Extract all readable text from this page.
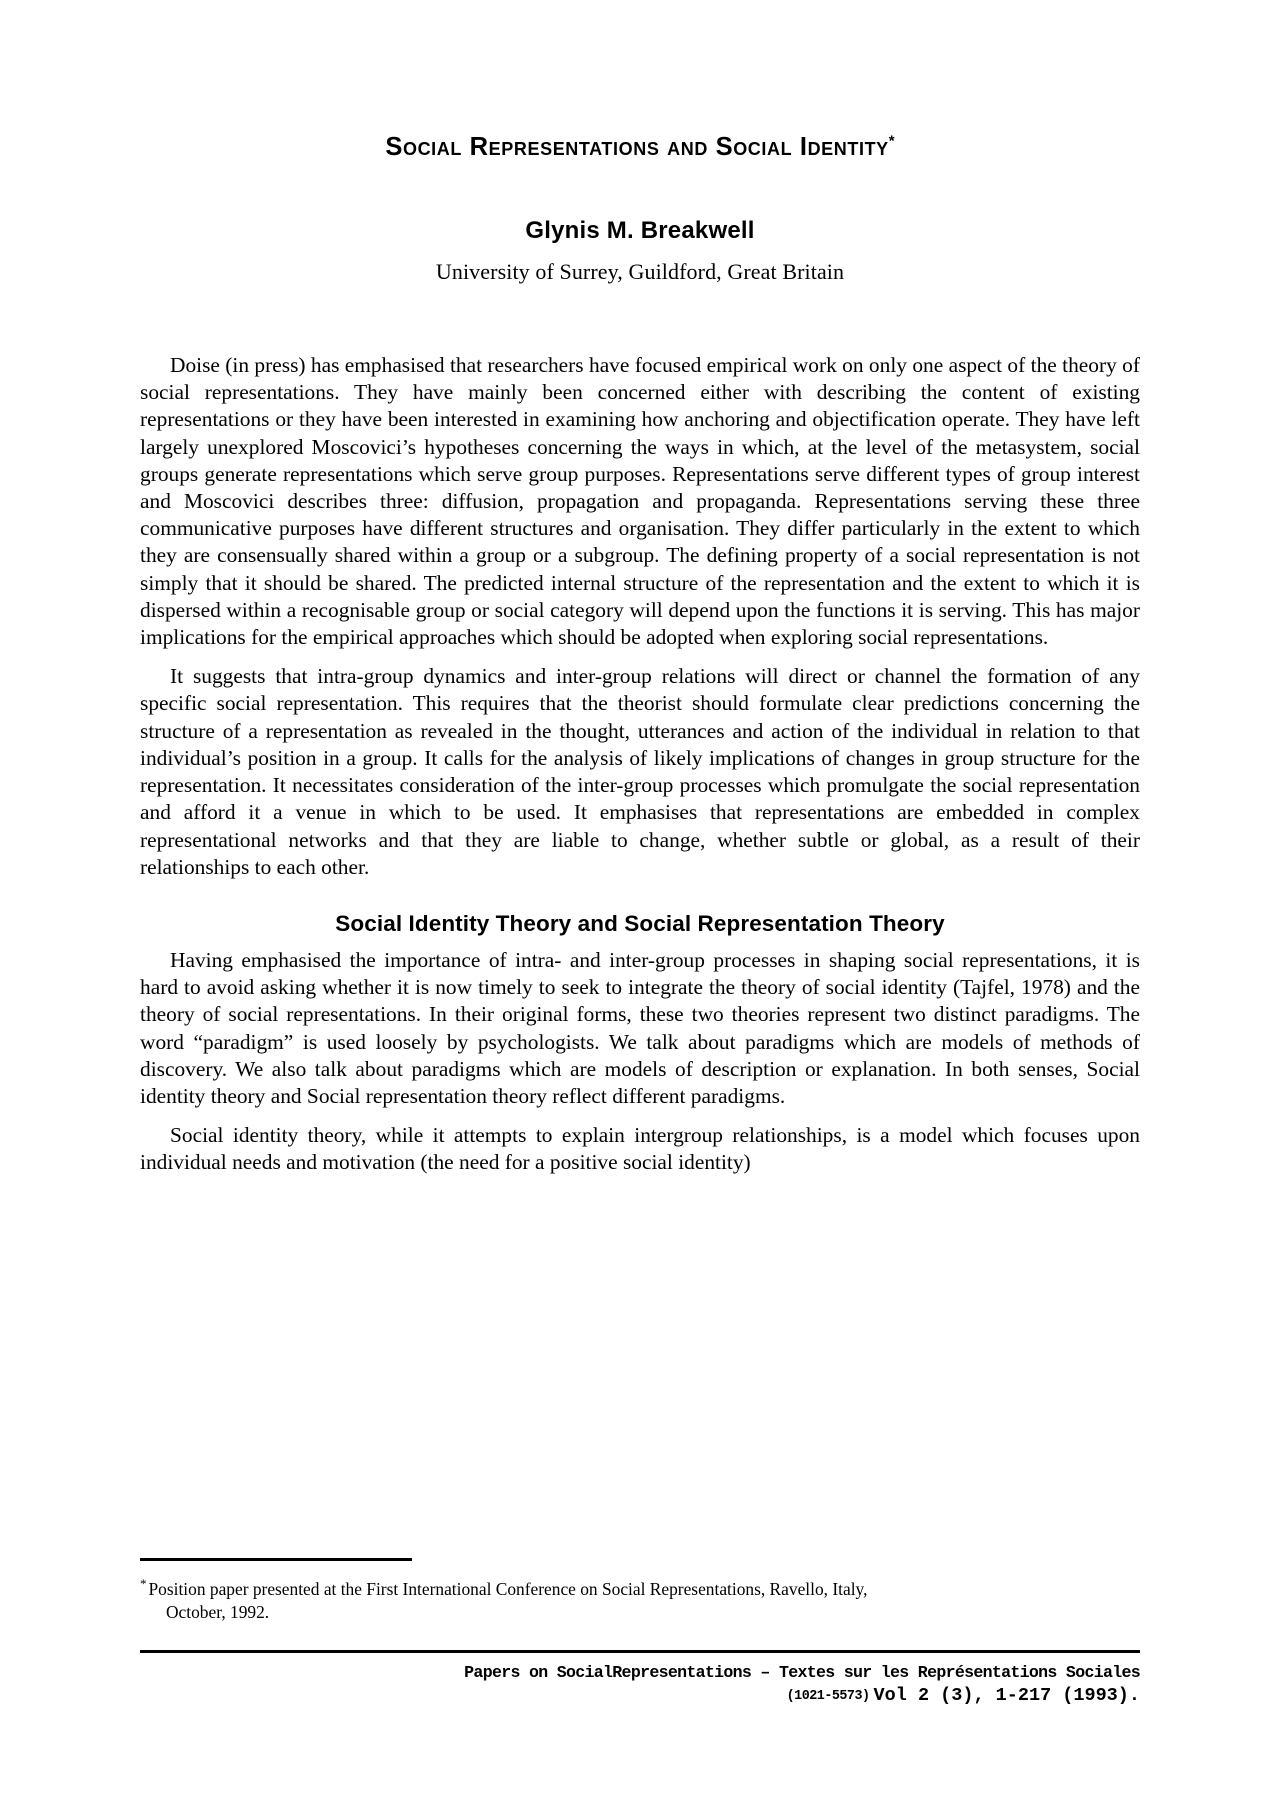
Social Representations and Social Identity*

Glynis M. Breakwell

University of Surrey, Guildford, Great Britain

Doise (in press) has emphasised that researchers have focused empirical work on only one aspect of the theory of social representations. They have mainly been concerned either with describing the content of existing representations or they have been interested in examining how anchoring and objectification operate. They have left largely unexplored Moscovici’s hypotheses concerning the ways in which, at the level of the metasystem, social groups generate representations which serve group purposes. Representations serve different types of group interest and Moscovici describes three: diffusion, propagation and propaganda. Representations serving these three communicative purposes have different structures and organisation. They differ particularly in the extent to which they are consensually shared within a group or a subgroup. The defining property of a social representation is not simply that it should be shared. The predicted internal structure of the representation and the extent to which it is dispersed within a recognisable group or social category will depend upon the functions it is serving. This has major implications for the empirical approaches which should be adopted when exploring social representations.

It suggests that intra-group dynamics and inter-group relations will direct or channel the formation of any specific social representation. This requires that the theorist should formulate clear predictions concerning the structure of a representation as revealed in the thought, utterances and action of the individual in relation to that individual’s position in a group. It calls for the analysis of likely implications of changes in group structure for the representation. It necessitates consideration of the inter-group processes which promulgate the social representation and afford it a venue in which to be used. It emphasises that representations are embedded in complex representational networks and that they are liable to change, whether subtle or global, as a result of their relationships to each other.

Social Identity Theory and Social Representation Theory

Having emphasised the importance of intra- and inter-group processes in shaping social representations, it is hard to avoid asking whether it is now timely to seek to integrate the theory of social identity (Tajfel, 1978) and the theory of social representations. In their original forms, these two theories represent two distinct paradigms. The word “paradigm” is used loosely by psychologists. We talk about paradigms which are models of methods of discovery. We also talk about paradigms which are models of description or explanation. In both senses, Social identity theory and Social representation theory reflect different paradigms.

Social identity theory, while it attempts to explain intergroup relationships, is a model which focuses upon individual needs and motivation (the need for a positive social identity)

* Position paper presented at the First International Conference on Social Representations, Ravello, Italy,
October, 1992.

Papers on SocialRepresentations – Textes sur les Représentations Sociales
(1021-5573) Vol 2 (3), 1-217 (1993).
